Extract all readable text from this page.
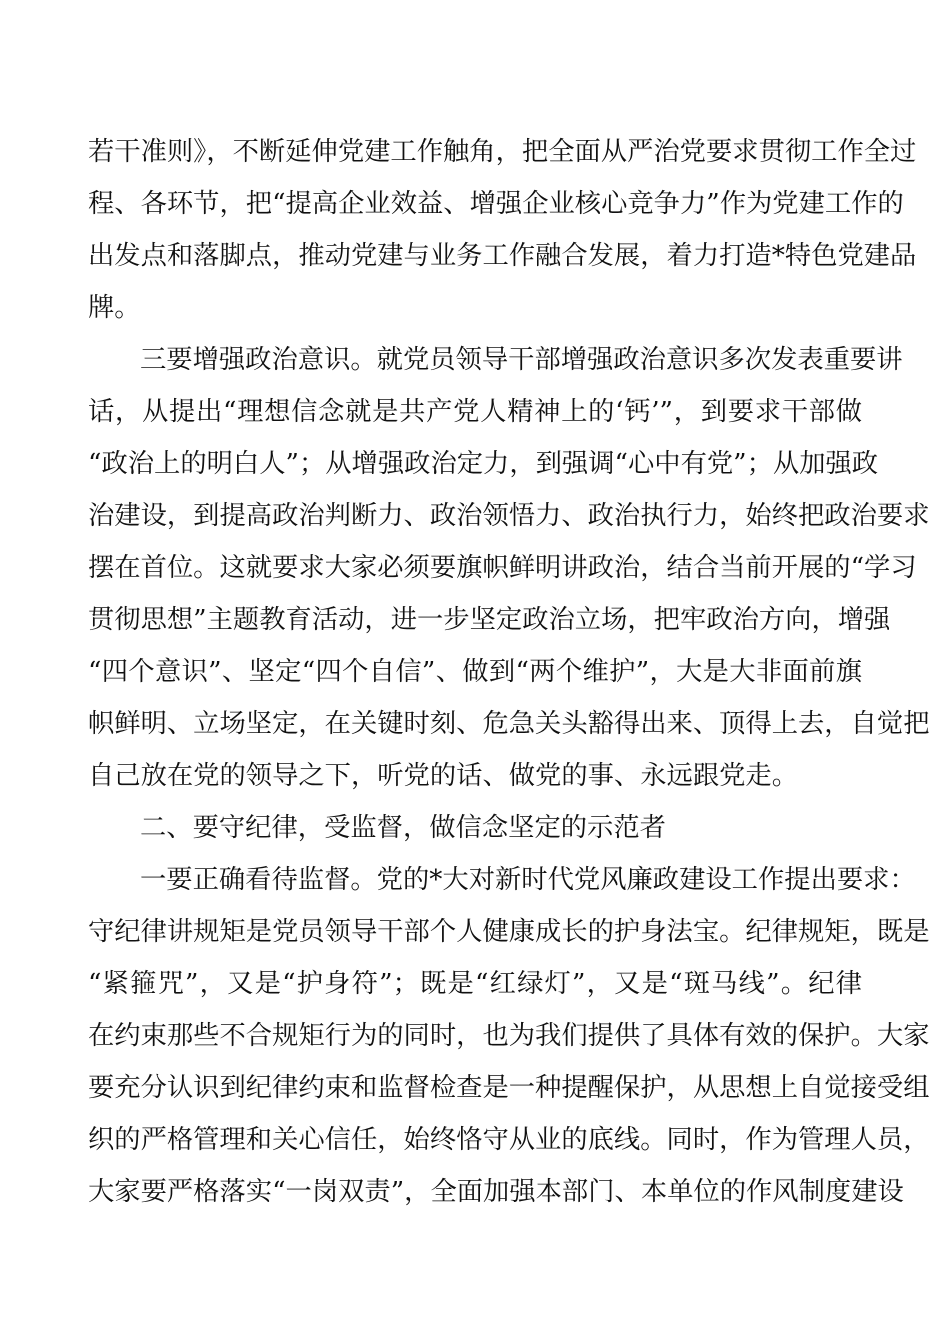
若干准则》，不断延伸党建工作触角，把全面从严治党要求贯彻工作全过
程、各环节，把“提高企业效益、增强企业核心竞争力”作为党建工作的
出发点和落脚点，推动党建与业务工作融合发展，着力打造*特色党建品
牌。
三要增强政治意识。就党员领导干部增强政治意识多次发表重要讲
话，从提出“理想信念就是共产党人精神上的‘钙’”，到要求干部做
“政治上的明白人”；从增强政治定力，到强调“心中有党”；从加强政
治建设，到提高政治判断力、政治领悟力、政治执行力，始终把政治要求
摆在首位。这就要求大家必须要旗帜鲜明讲政治，结合当前开展的“学习
贯彻思想”主题教育活动，进一步坚定政治立场，把牢政治方向，增强
“四个意识”、坚定“四个自信”、做到“两个维护”，大是大非面前旗
帜鲜明、立场坚定，在关键时刻、危急关头豁得出来、顶得上去，自觉把
自己放在党的领导之下，听党的话、做党的事、永远跟党走。
二、要守纪律，受监督，做信念坚定的示范者
一要正确看待监督。党的*大对新时代党风廉政建设工作提出要求：
守纪律讲规矩是党员领导干部个人健康成长的护身法宝。纪律规矩，既是
“紧箍咒”，又是“护身符”；既是“红绿灯”，又是“斑马线”。纪律
在约束那些不合规矩行为的同时，也为我们提供了具体有效的保护。大家
要充分认识到纪律约束和监督检查是一种提醒保护，从思想上自觉接受组
织的严格管理和关心信任，始终恪守从业的底线。同时，作为管理人员，
大家要严格落实“一岗双责”，全面加强本部门、本单位的作风制度建设
